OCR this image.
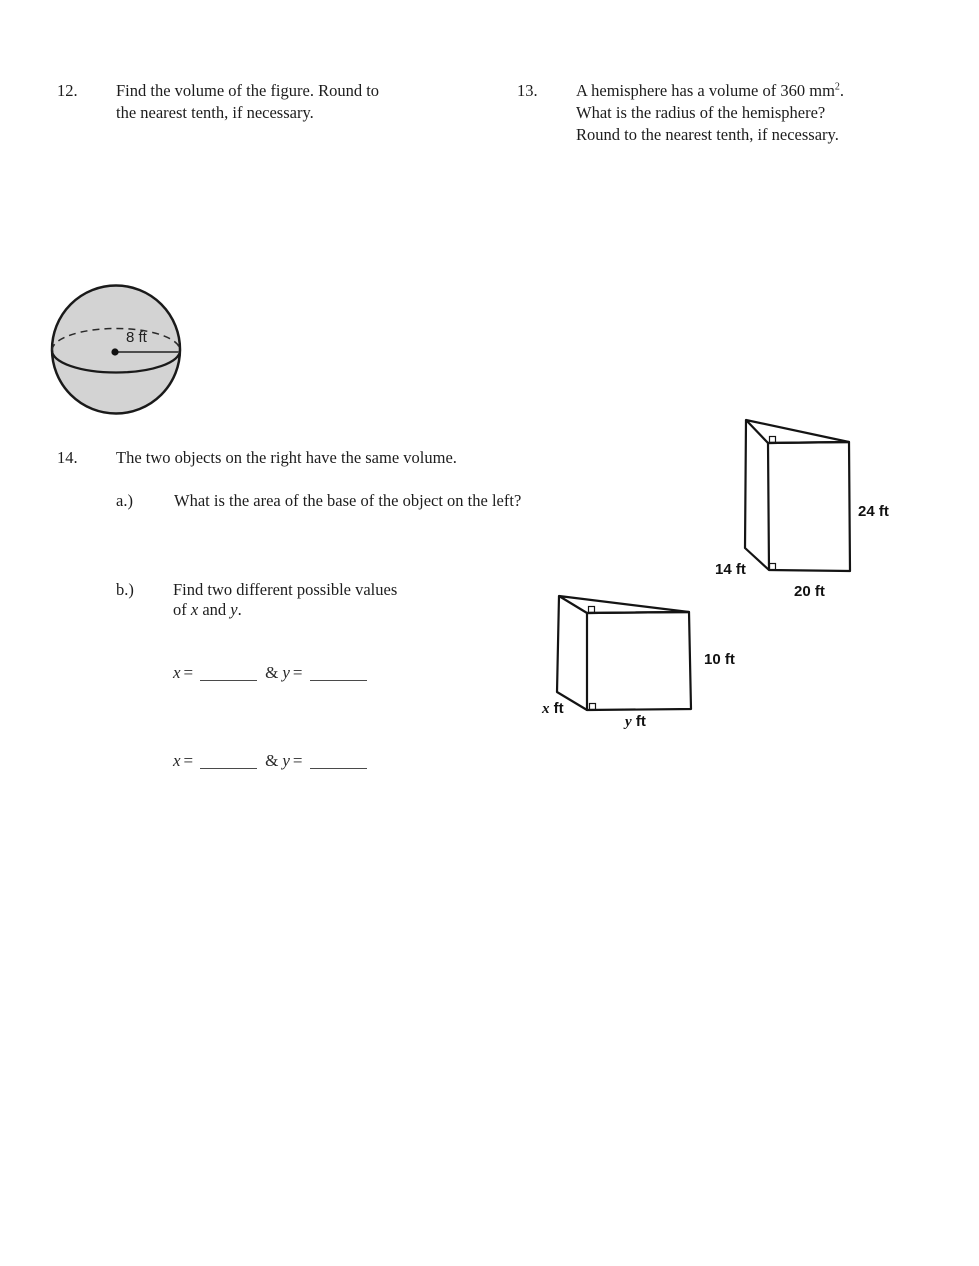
12. Find the volume of the figure. Round to
the nearest tenth, if necessary.
13. A hemisphere has a volume of 360 $mm^2$.
What is the radius of the hemisphere?
Round to the nearest tenth, if necessary.
8 ft
14. The two objects on the right have the same volume.
a.) What is the area of the base of the object on the left?
b.) Find two different possible values
of x and y.
x =	& y =
x =	& y =
24 ft
14 ft
20 ft
10 ft
x ft
y ft
